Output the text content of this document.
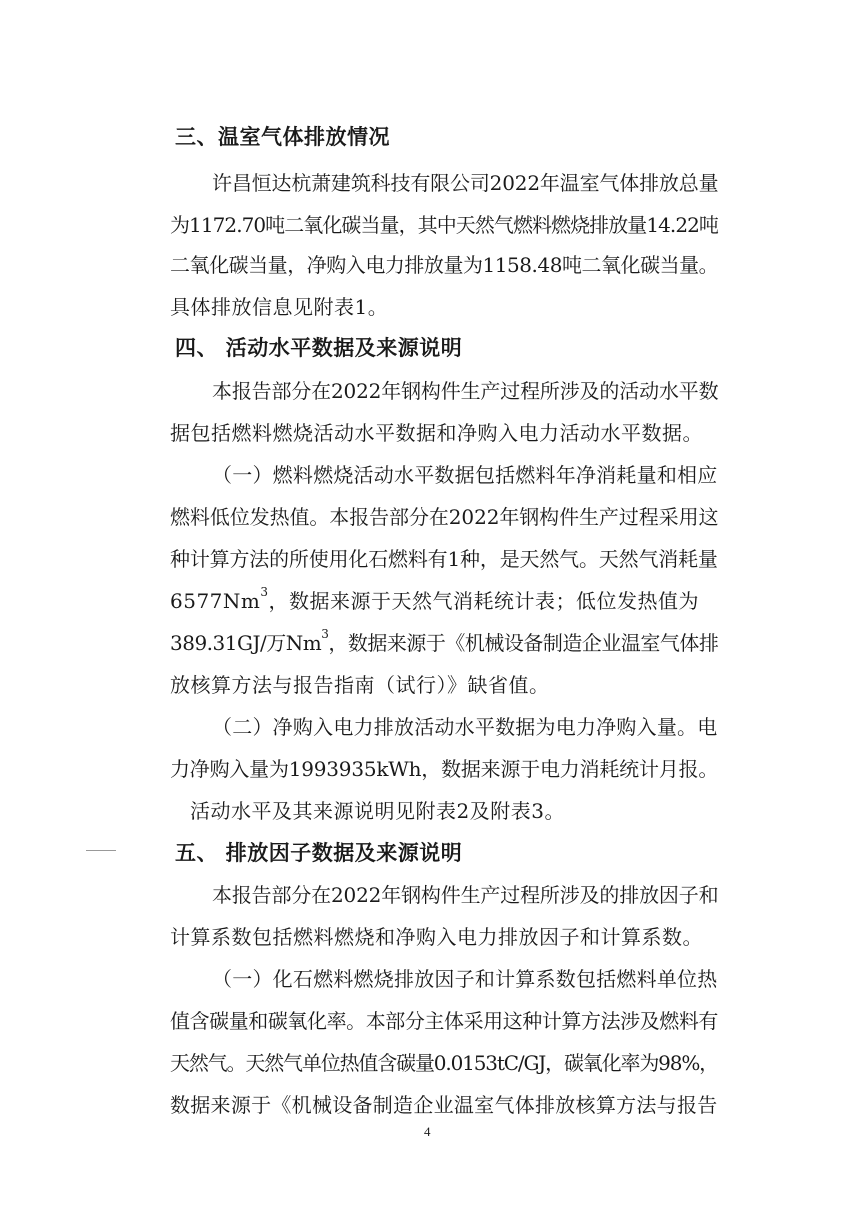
三、温室气体排放情况
许昌恒达杭萧建筑科技有限公司2022年温室气体排放总量
为1172.70吨二氧化碳当量，其中天然气燃料燃烧排放量14.22吨
二氧化碳当量，净购入电力排放量为1158.48吨二氧化碳当量。
具体排放信息见附表1。
四、 活动水平数据及来源说明
本报告部分在2022年钢构件生产过程所涉及的活动水平数
据包括燃料燃烧活动水平数据和净购入电力活动水平数据。
（一）燃料燃烧活动水平数据包括燃料年净消耗量和相应
燃料低位发热值。本报告部分在2022年钢构件生产过程采用这
种计算方法的所使用化石燃料有1种，是天然气。天然气消耗量
6577Nm$^3$，数据来源于天然气消耗统计表；低位发热值为
389.31GJ/万Nm$^3$，数据来源于《机械设备制造企业温室气体排
放核算方法与报告指南（试行）》缺省值。
（二）净购入电力排放活动水平数据为电力净购入量。电
力净购入量为1993935kWh，数据来源于电力消耗统计月报。
活动水平及其来源说明见附表2及附表3。
五、 排放因子数据及来源说明
本报告部分在2022年钢构件生产过程所涉及的排放因子和
计算系数包括燃料燃烧和净购入电力排放因子和计算系数。
（一）化石燃料燃烧排放因子和计算系数包括燃料单位热
值含碳量和碳氧化率。本部分主体采用这种计算方法涉及燃料有
天然气。天然气单位热值含碳量0.0153tC/GJ，碳氧化率为98%，
数据来源于《机械设备制造企业温室气体排放核算方法与报告
4
